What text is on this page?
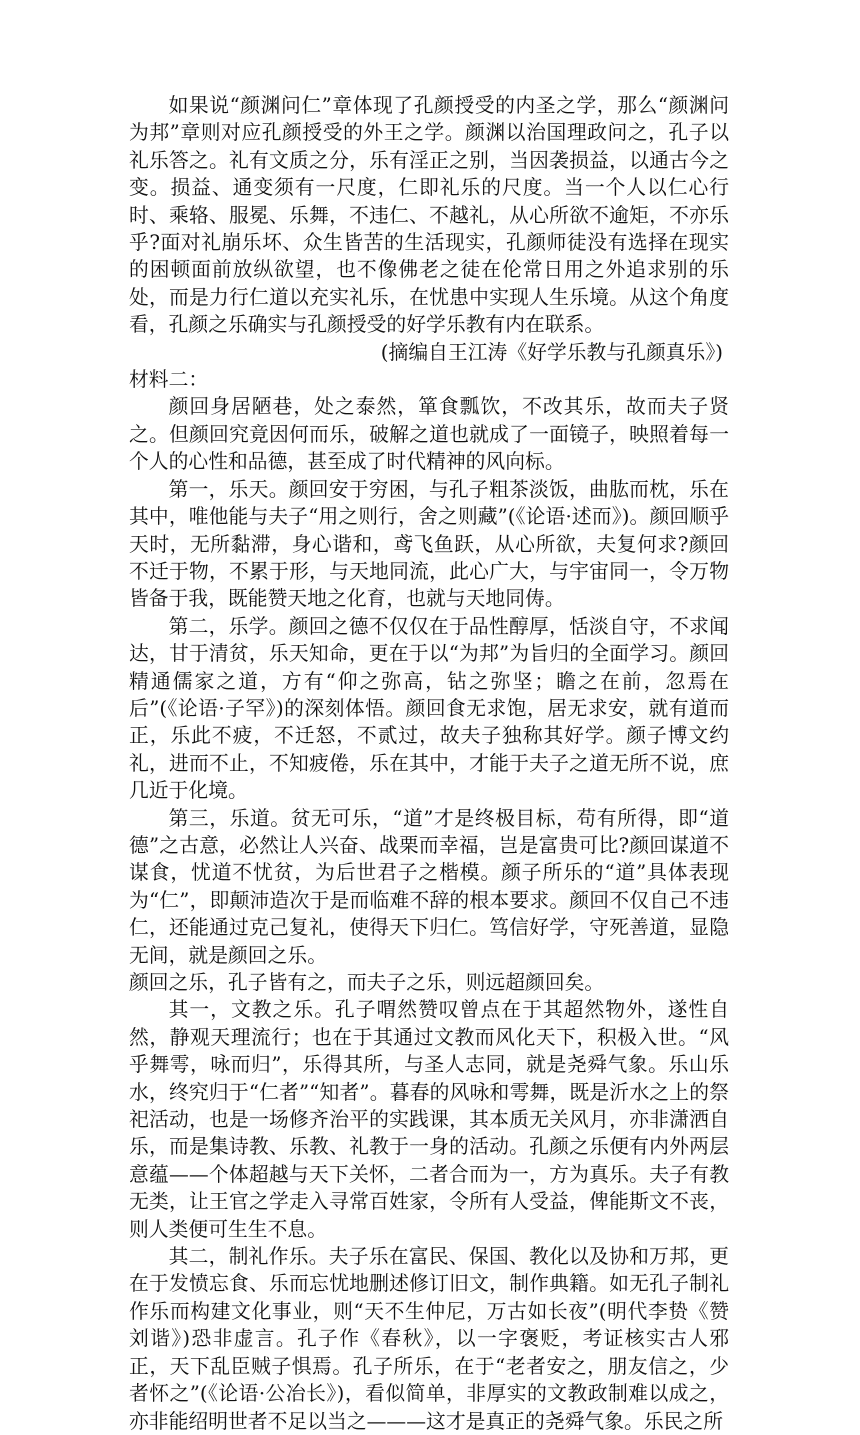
如果说“颜渊问仁”章体现了孔颜授受的内圣之学，那么“颜渊问为邦”章则对应孔颜授受的外王之学。颜渊以治国理政问之，孔子以礼乐答之。礼有文质之分，乐有淫正之别，当因袭损益，以通古今之变。损益、通变须有一尺度，仁即礼乐的尺度。当一个人以仁心行时、乘辂、服冕、乐舞，不违仁、不越礼，从心所欲不逾矩，不亦乐乎?面对礼崩乐坏、众生皆苦的生活现实，孔颜师徒没有选择在现实的困顿面前放纵欲望，也不像佛老之徒在伦常日用之外追求别的乐处，而是力行仁道以充实礼乐，在忧患中实现人生乐境。从这个角度看，孔颜之乐确实与孔颜授受的好学乐教有内在联系。

(摘编自王江涛《好学乐教与孔颜真乐》)

材料二：

颜回身居陋巷，处之泰然，箪食瓢饮，不改其乐，故而夫子贤之。但颜回究竟因何而乐，破解之道也就成了一面镜子，映照着每一个人的心性和品德，甚至成了时代精神的风向标。

第一，乐天。颜回安于穷困，与孔子粗茶淡饭，曲肱而枕，乐在其中，唯他能与夫子“用之则行，舍之则藏”(《论语·述而》)。颜回顺乎天时，无所黏滞，身心谐和，鸢飞鱼跃，从心所欲，夫复何求?颜回不迁于物，不累于形，与天地同流，此心广大，与宇宙同一，令万物皆备于我，既能赞天地之化育，也就与天地同俦。

第二，乐学。颜回之德不仅仅在于品性醇厚，恬淡自守，不求闻达，甘于清贫，乐天知命，更在于以“为邦”为旨归的全面学习。颜回精通儒家之道，方有“仰之弥高，钻之弥坚；瞻之在前，忽焉在后”(《论语·子罕》)的深刻体悟。颜回食无求饱，居无求安，就有道而正，乐此不疲，不迁怒，不贰过，故夫子独称其好学。颜子博文约礼，进而不止，不知疲倦，乐在其中，才能于夫子之道无所不说，庶几近于化境。

第三，乐道。贫无可乐，“道”才是终极目标，苟有所得，即“道德”之古意，必然让人兴奋、战栗而幸福，岂是富贵可比?颜回谋道不谋食，忧道不忧贫，为后世君子之楷模。颜子所乐的“道”具体表现为“仁”，即颠沛造次于是而临难不辞的根本要求。颜回不仅自己不违仁，还能通过克己复礼，使得天下归仁。笃信好学，守死善道，显隐无间，就是颜回之乐。

颜回之乐，孔子皆有之，而夫子之乐，则远超颜回矣。

其一，文教之乐。孔子喟然赞叹曾点在于其超然物外，遂性自然，静观天理流行；也在于其通过文教而风化天下，积极入世。“风乎舞雩，咏而归”，乐得其所，与圣人志同，就是尧舜气象。乐山乐水，终究归于“仁者”“知者”。暮春的风咏和雩舞，既是沂水之上的祭祀活动，也是一场修齐治平的实践课，其本质无关风月，亦非潇洒自乐，而是集诗教、乐教、礼教于一身的活动。孔颜之乐便有内外两层意蕴——个体超越与天下关怀，二者合而为一，方为真乐。夫子有教无类，让王官之学走入寻常百姓家，令所有人受益，俾能斯文不丧，则人类便可生生不息。

其二，制礼作乐。夫子乐在富民、保国、教化以及协和万邦，更在于发愤忘食、乐而忘忧地删述修订旧文，制作典籍。如无孔子制礼作乐而构建文化事业，则“天不生仲尼，万古如长夜”(明代李贽《赞刘谐》)恐非虚言。孔子作《春秋》，以一字褒贬，考证核实古人邪正，天下乱臣贼子惧焉。孔子所乐，在于“老者安之，朋友信之，少者怀之”(《论语·公冶长》)，看似简单，非厚实的文教政制难以成之，亦非能绍明世者不足以当之———这才是真正的尧舜气象。乐民之所
